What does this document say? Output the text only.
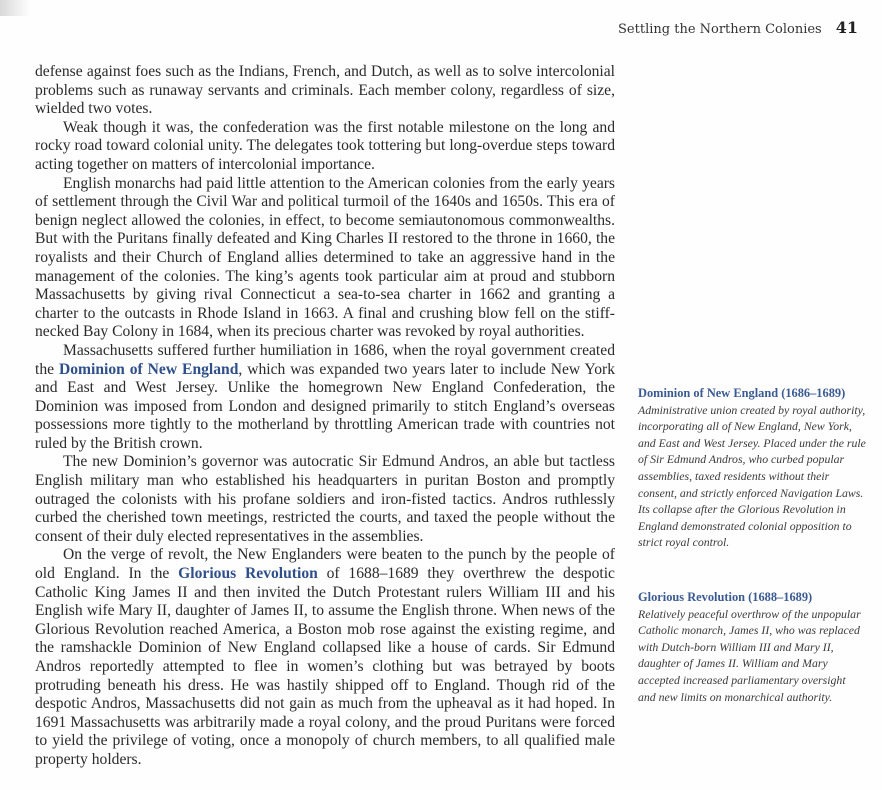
Settling the Northern Colonies 41

defense against foes such as the Indians, French, and Dutch, as well as to solve intercolonial problems such as runaway servants and criminals. Each member colony, regardless of size, wielded two votes.

Weak though it was, the confederation was the first notable milestone on the long and rocky road toward colonial unity. The delegates took tottering but long-overdue steps toward acting together on matters of intercolonial importance.

English monarchs had paid little attention to the American colonies from the early years of settlement through the Civil War and political turmoil of the 1640s and 1650s. This era of benign neglect allowed the colonies, in effect, to become semiautonomous commonwealths. But with the Puritans finally defeated and King Charles II restored to the throne in 1660, the royalists and their Church of England allies determined to take an aggressive hand in the management of the colonies. The king’s agents took particular aim at proud and stubborn Massachusetts by giving rival Connecticut a sea-to-sea charter in 1662 and granting a charter to the outcasts in Rhode Island in 1663. A final and crushing blow fell on the stiff-necked Bay Colony in 1684, when its precious charter was revoked by royal authorities.

Massachusetts suffered further humiliation in 1686, when the royal government created the Dominion of New England, which was expanded two years later to include New York and East and West Jersey. Unlike the homegrown New England Confederation, the Dominion was imposed from London and designed primarily to stitch England’s overseas possessions more tightly to the motherland by throttling American trade with countries not ruled by the British crown.

The new Dominion’s governor was autocratic Sir Edmund Andros, an able but tactless English military man who established his headquarters in puritan Boston and promptly outraged the colonists with his profane soldiers and iron-fisted tactics. Andros ruthlessly curbed the cherished town meetings, restricted the courts, and taxed the people without the consent of their duly elected representatives in the assemblies.

On the verge of revolt, the New Englanders were beaten to the punch by the people of old England. In the Glorious Revolution of 1688–1689 they overthrew the despotic Catholic King James II and then invited the Dutch Protestant rulers William III and his English wife Mary II, daughter of James II, to assume the English throne. When news of the Glorious Revolution reached America, a Boston mob rose against the existing regime, and the ramshackle Dominion of New England collapsed like a house of cards. Sir Edmund Andros reportedly attempted to flee in women’s clothing but was betrayed by boots protruding beneath his dress. He was hastily shipped off to England. Though rid of the despotic Andros, Massachusetts did not gain as much from the upheaval as it had hoped. In 1691 Massachusetts was arbitrarily made a royal colony, and the proud Puritans were forced to yield the privilege of voting, once a monopoly of church members, to all qualified male property holders.

Dominion of New England (1686–1689)
Administrative union created by royal authority, incorporating all of New England, New York, and East and West Jersey. Placed under the rule of Sir Edmund Andros, who curbed popular assemblies, taxed residents without their consent, and strictly enforced Navigation Laws. Its collapse after the Glorious Revolution in England demonstrated colonial opposition to strict royal control.
Glorious Revolution (1688–1689)
Relatively peaceful overthrow of the unpopular Catholic monarch, James II, who was replaced with Dutch-born William III and Mary II, daughter of James II. William and Mary accepted increased parliamentary oversight and new limits on monarchical authority.
